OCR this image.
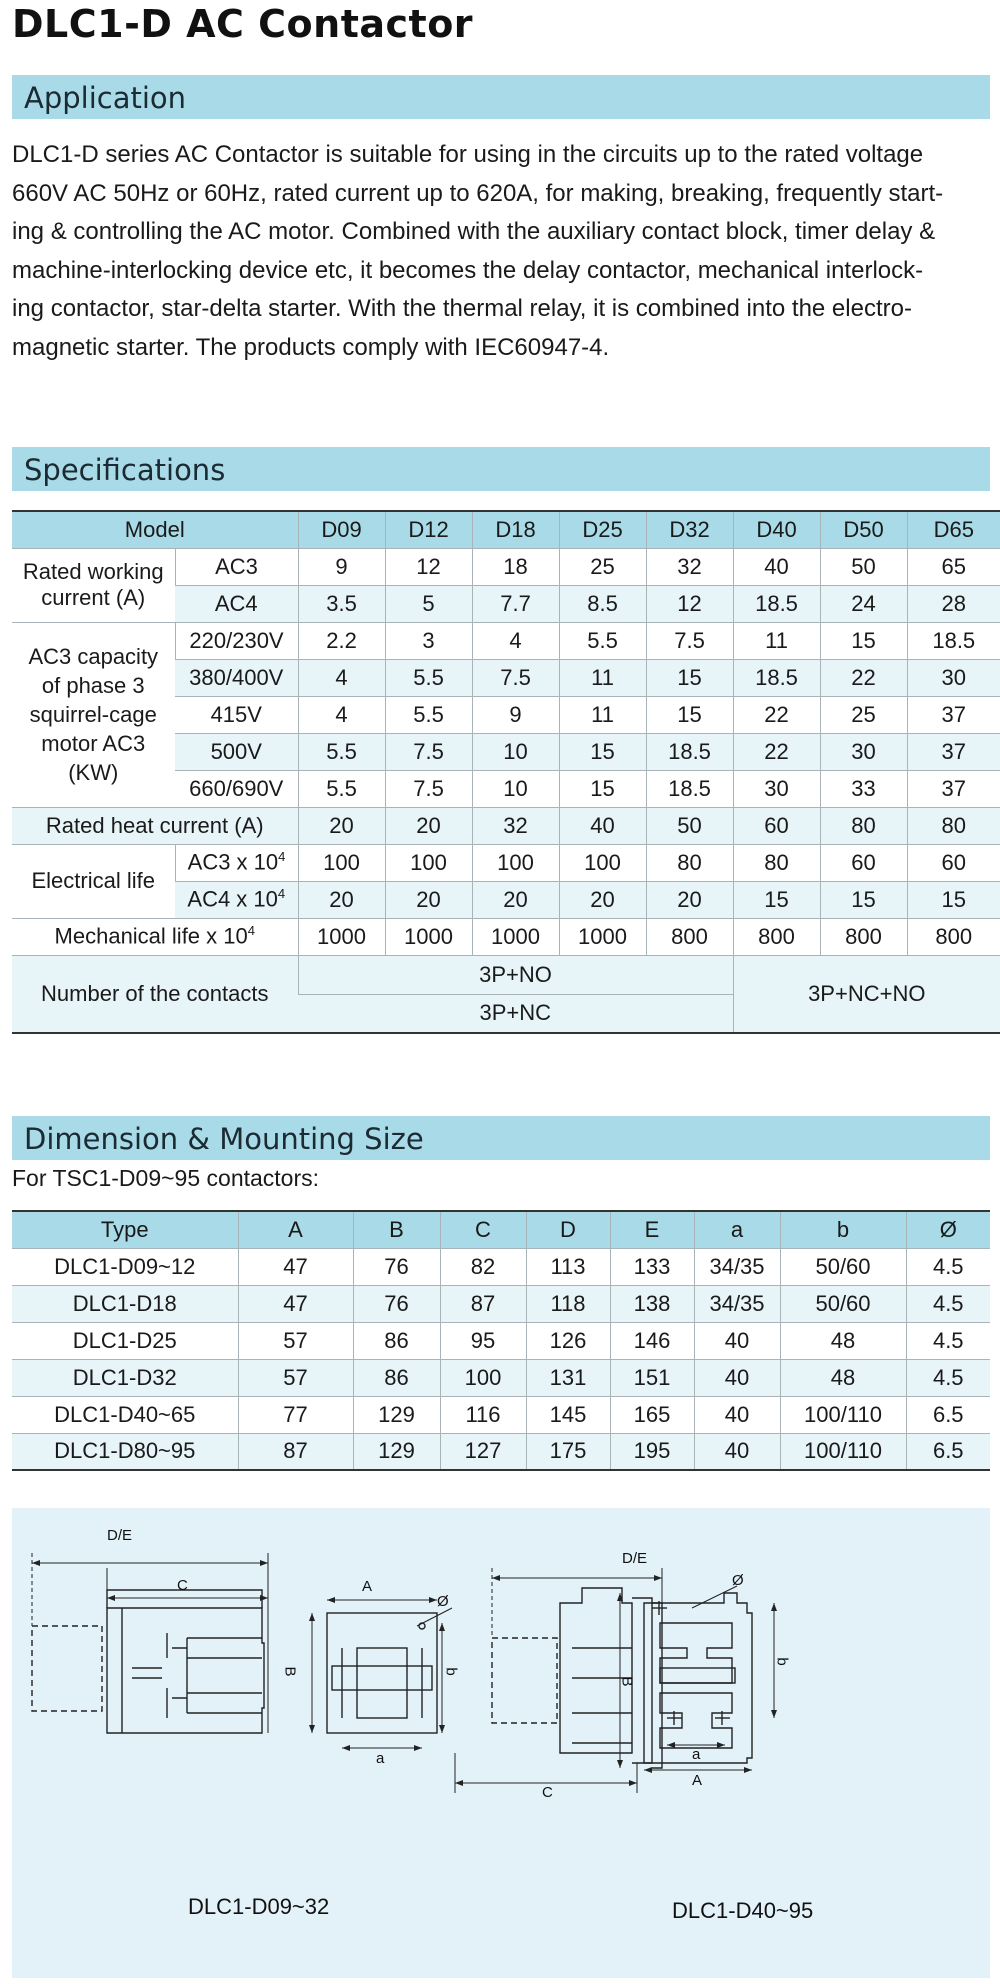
DLC1-D AC Contactor
Application
DLC1-D series AC Contactor is suitable for using in the circuits up to the rated voltage
660V AC 50Hz or 60Hz, rated current up to 620A, for making, breaking, frequently start-
ing & controlling the AC motor. Combined with the auxiliary contact block, timer delay &
machine-interlocking device etc, it becomes the delay contactor, mechanical interlock-
ing contactor, star-delta starter. With the thermal relay, it is combined into the electro-
magnetic starter. The products comply with IEC60947-4.
Specifications
Model		D09	D12	D18	D25	D32	D40	D50	D65

Rated working
current (A)	AC3	9	12	18	25	32	40	50	65
	AC4	3.5	5	7.7	8.5	12	18.5	24	28

AC3 capacity
of phase 3
squirrel-cage
motor AC3
(KW)	220/230V	2.2	3	4	5.5	7.5	11	15	18.5
	380/400V	4	5.5	7.5	11	15	18.5	22	30
	415V	4	5.5	9	11	15	22	25	37
	500V	5.5	7.5	10	15	18.5	22	30	37
	660/690V	5.5	7.5	10	15	18.5	30	33	37
Rated heat current (A)		20	20	32	40	50	60	80	80
Electrical life	AC3 x $10^4$	100	100	100	100	80	80	60	60
	AC4 x $10^4$	20	20	20	20	20	15	15	15
Mechanical life x $10^4$		1000	1000	1000	1000	800	800	800	800
Number of the contacts		3P+NO					3P+NC+NO		
		3P+NC							
Dimension & Mounting Size
For TSC1-D09~95 contactors:
Type	A	B	C	D	E	a	b	Ø
DLC1-D09~12	47	76	82	113	133	34/35	50/60	4.5
DLC1-D18	47	76	87	118	138	34/35	50/60	4.5
DLC1-D25	57	86	95	126	146	40	48	4.5
DLC1-D32	57	86	100	131	151	40	48	4.5
DLC1-D40~65	77	129	116	145	165	40	100/110	6.5
DLC1-D80~95	87	129	127	175	195	40	100/110	6.5
D/E
C	A
B	b
a
Ø
D/E
C
B
b
a
A
Ø
DLC1-D09~32	DLC1-D40~95
